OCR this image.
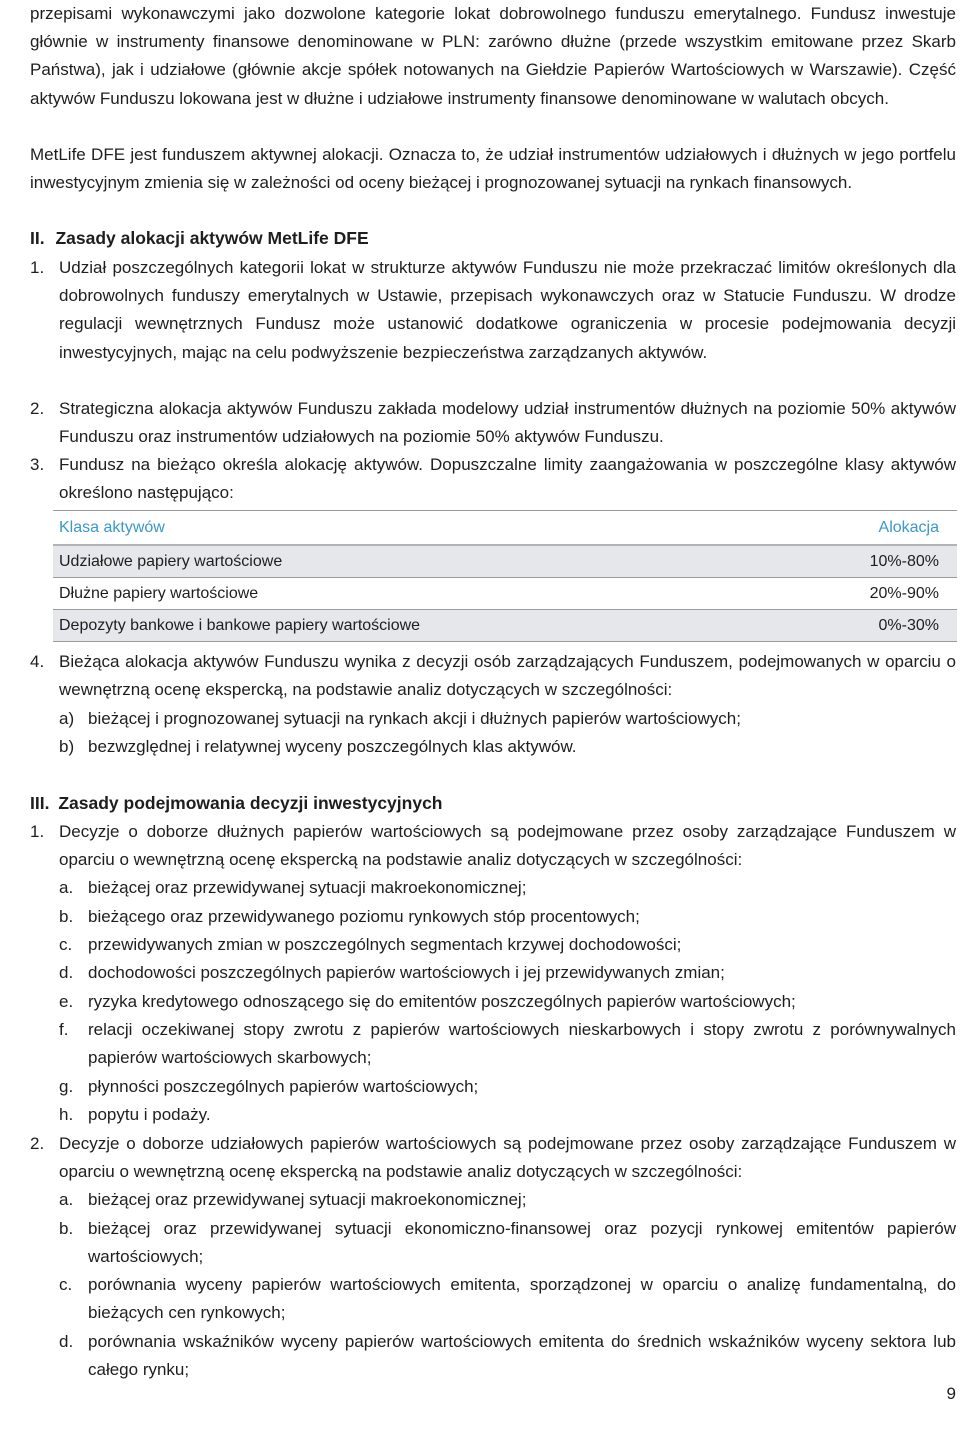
przepisami wykonawczymi jako dozwolone kategorie lokat dobrowolnego funduszu emerytalnego. Fundusz inwestuje głównie w instrumenty finansowe denominowane w PLN: zarówno dłużne (przede wszystkim emitowane przez Skarb Państwa), jak i udziałowe (głównie akcje spółek notowanych na Giełdzie Papierów Wartościowych w Warszawie). Część aktywów Funduszu lokowana jest w dłużne i udziałowe instrumenty finansowe denominowane w walutach obcych.

MetLife DFE jest funduszem aktywnej alokacji. Oznacza to, że udział instrumentów udziałowych i dłużnych w jego portfelu inwestycyjnym zmienia się w zależności od oceny bieżącej i prognozowanej sytuacji na rynkach finansowych.

II. Zasady alokacji aktywów MetLife DFE
1. Udział poszczególnych kategorii lokat w strukturze aktywów Funduszu nie może przekraczać limitów określonych dla dobrowolnych funduszy emerytalnych w Ustawie, przepisach wykonawczych oraz w Statucie Funduszu. W drodze regulacji wewnętrznych Fundusz może ustanowić dodatkowe ograniczenia w procesie podejmowania decyzji inwestycyjnych, mając na celu podwyższenie bezpieczeństwa zarządzanych aktywów.
2. Strategiczna alokacja aktywów Funduszu zakłada modelowy udział instrumentów dłużnych na poziomie 50% aktywów Funduszu oraz instrumentów udziałowych na poziomie 50% aktywów Funduszu.
3. Fundusz na bieżąco określa alokację aktywów. Dopuszczalne limity zaangażowania w poszczególne klasy aktywów określono następująco:
Klasa aktywów	Alokacja
Udziałowe papiery wartościowe	10%-80%
Dłużne papiery wartościowe	20%-90%
Depozyty bankowe i bankowe papiery wartościowe	0%-30%
4. Bieżąca alokacja aktywów Funduszu wynika z decyzji osób zarządzających Funduszem, podejmowanych w oparciu o wewnętrzną ocenę ekspercką, na podstawie analiz dotyczących w szczególności:
a) bieżącej i prognozowanej sytuacji na rynkach akcji i dłużnych papierów wartościowych;
b) bezwzględnej i relatywnej wyceny poszczególnych klas aktywów.
III. Zasady podejmowania decyzji inwestycyjnych
1. Decyzje o doborze dłużnych papierów wartościowych są podejmowane przez osoby zarządzające Funduszem w oparciu o wewnętrzną ocenę ekspercką na podstawie analiz dotyczących w szczególności:
a. bieżącej oraz przewidywanej sytuacji makroekonomicznej;
b. bieżącego oraz przewidywanego poziomu rynkowych stóp procentowych;
c. przewidywanych zmian w poszczególnych segmentach krzywej dochodowości;
d. dochodowości poszczególnych papierów wartościowych i jej przewidywanych zmian;
e. ryzyka kredytowego odnoszącego się do emitentów poszczególnych papierów wartościowych;
f. relacji oczekiwanej stopy zwrotu z papierów wartościowych nieskarbowych i stopy zwrotu z porównywalnych papierów wartościowych skarbowych;
g. płynności poszczególnych papierów wartościowych;
h. popytu i podaży.
2. Decyzje o doborze udziałowych papierów wartościowych są podejmowane przez osoby zarządzające Funduszem w oparciu o wewnętrzną ocenę ekspercką na podstawie analiz dotyczących w szczególności:
a. bieżącej oraz przewidywanej sytuacji makroekonomicznej;
b. bieżącej oraz przewidywanej sytuacji ekonomiczno-finansowej oraz pozycji rynkowej emitentów papierów wartościowych;
c. porównania wyceny papierów wartościowych emitenta, sporządzonej w oparciu o analizę fundamentalną, do bieżących cen rynkowych;
d. porównania wskaźników wyceny papierów wartościowych emitenta do średnich wskaźników wyceny sektora lub całego rynku;
9
